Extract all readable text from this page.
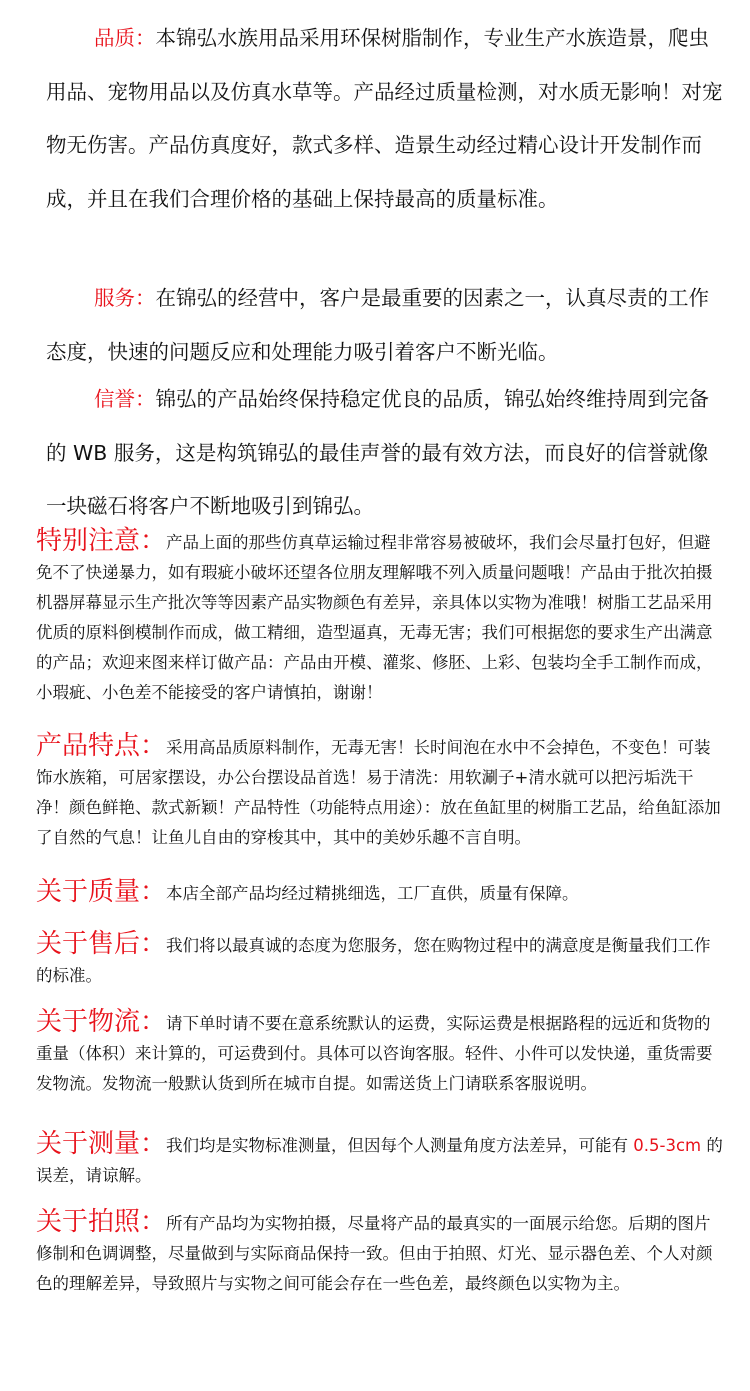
品质：本锦弘水族用品采用环保树脂制作，专业生产水族造景，爬虫用品、宠物用品以及仿真水草等。产品经过质量检测，对水质无影响！对宠物无伤害。产品仿真度好，款式多样、造景生动经过精心设计开发制作而成，并且在我们合理价格的基础上保持最高的质量标准。

服务：在锦弘的经营中，客户是最重要的因素之一，认真尽责的工作态度，快速的问题反应和处理能力吸引着客户不断光临。

信誉：锦弘的产品始终保持稳定优良的品质，锦弘始终维持周到完备的 WB 服务，这是构筑锦弘的最佳声誉的最有效方法，而良好的信誉就像一块磁石将客户不断地吸引到锦弘。

特别注意：产品上面的那些仿真草运输过程非常容易被破坏，我们会尽量打包好，但避免不了快递暴力，如有瑕疵小破坏还望各位朋友理解哦不列入质量问题哦！产品由于批次拍摄机器屏幕显示生产批次等等因素产品实物颜色有差异，亲具体以实物为准哦！树脂工艺品采用优质的原料倒模制作而成，做工精细，造型逼真，无毒无害；我们可根据您的要求生产出满意的产品；欢迎来图来样订做产品：产品由开模、灌浆、修胚、上彩、包装均全手工制作而成，小瑕疵、小色差不能接受的客户请慎拍，谢谢！

产品特点：采用高品质原料制作，无毒无害！长时间泡在水中不会掉色，不变色！可装饰水族箱，可居家摆设，办公台摆设品首选！易于清洗：用软涮子+清水就可以把污垢洗干净！颜色鲜艳、款式新颖！产品特性（功能特点用途）：放在鱼缸里的树脂工艺品，给鱼缸添加了自然的气息！让鱼儿自由的穿梭其中，其中的美妙乐趣不言自明。

关于质量：本店全部产品均经过精挑细选，工厂直供，质量有保障。

关于售后：我们将以最真诚的态度为您服务，您在购物过程中的满意度是衡量我们工作的标准。

关于物流：请下单时请不要在意系统默认的运费，实际运费是根据路程的远近和货物的重量（体积）来计算的，可运费到付。具体可以咨询客服。轻件、小件可以发快递，重货需要发物流。发物流一般默认货到所在城市自提。如需送货上门请联系客服说明。

关于测量：我们均是实物标准测量，但因每个人测量角度方法差异，可能有 0.5-3cm 的误差，请谅解。

关于拍照：所有产品均为实物拍摄，尽量将产品的最真实的一面展示给您。后期的图片修制和色调调整，尽量做到与实际商品保持一致。但由于拍照、灯光、显示器色差、个人对颜色的理解差异，导致照片与实物之间可能会存在一些色差，最终颜色以实物为主。
